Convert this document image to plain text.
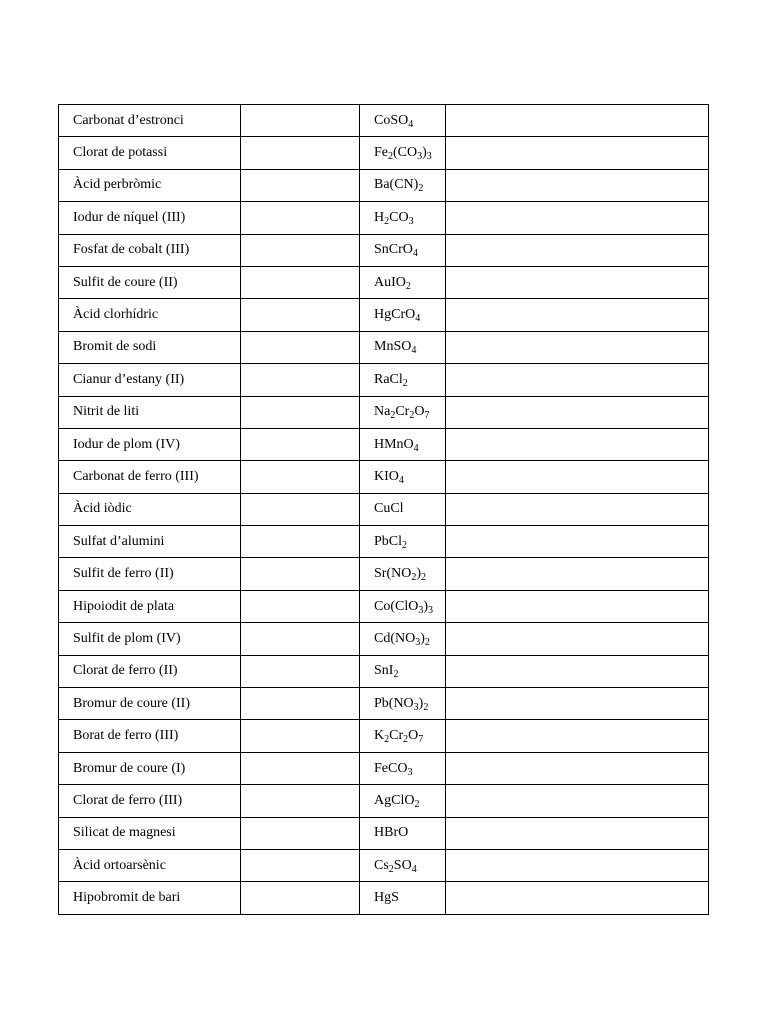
Carbonat d’estronci		CoSO$_4$	
Clorat de potassi		$Fe_2(CO_3)_3$	
Àcid perbròmic		$Ba(CN)_2$	
Iodur de níquel (III)		$H_2CO_3$	
Fosfat de cobalt (III)		SnCrO$_4$	
Sulfit de coure (II)		AuIO$_2$	
Àcid clorhídric		HgCrO$_4$	
Bromit de sodi		MnSO$_4$	
Cianur d’estany (II)		RaCl$_2$	
Nitrit de liti		$Na_2Cr_2O_7$	
Iodur de plom (IV)		HMnO$_4$	
Carbonat de ferro (III)		$KIO_4$	
Àcid iòdic		CuCl	
Sulfat d’alumini		PbCl$_2$	
Sulfit de ferro (II)		$Sr(NO_2)_2$	
Hipoiodit de plata		$Co(ClO_3)_3$	
Sulfit de plom (IV)		$Cd(NO_3)_2$	
Clorat de ferro (II)		SnI$_2$	
Bromur de coure (II)		$Pb(NO_3)_2$	
Borat de ferro (III)		$K_2Cr_2O_7$	
Bromur de coure (I)		FeCO$_3$	
Clorat de ferro (III)		AgClO$_2$	
Silicat de magnesi		HBrO	
Àcid ortoarsènic		$Cs_2SO_4$	
Hipobromit de bari		HgS	
